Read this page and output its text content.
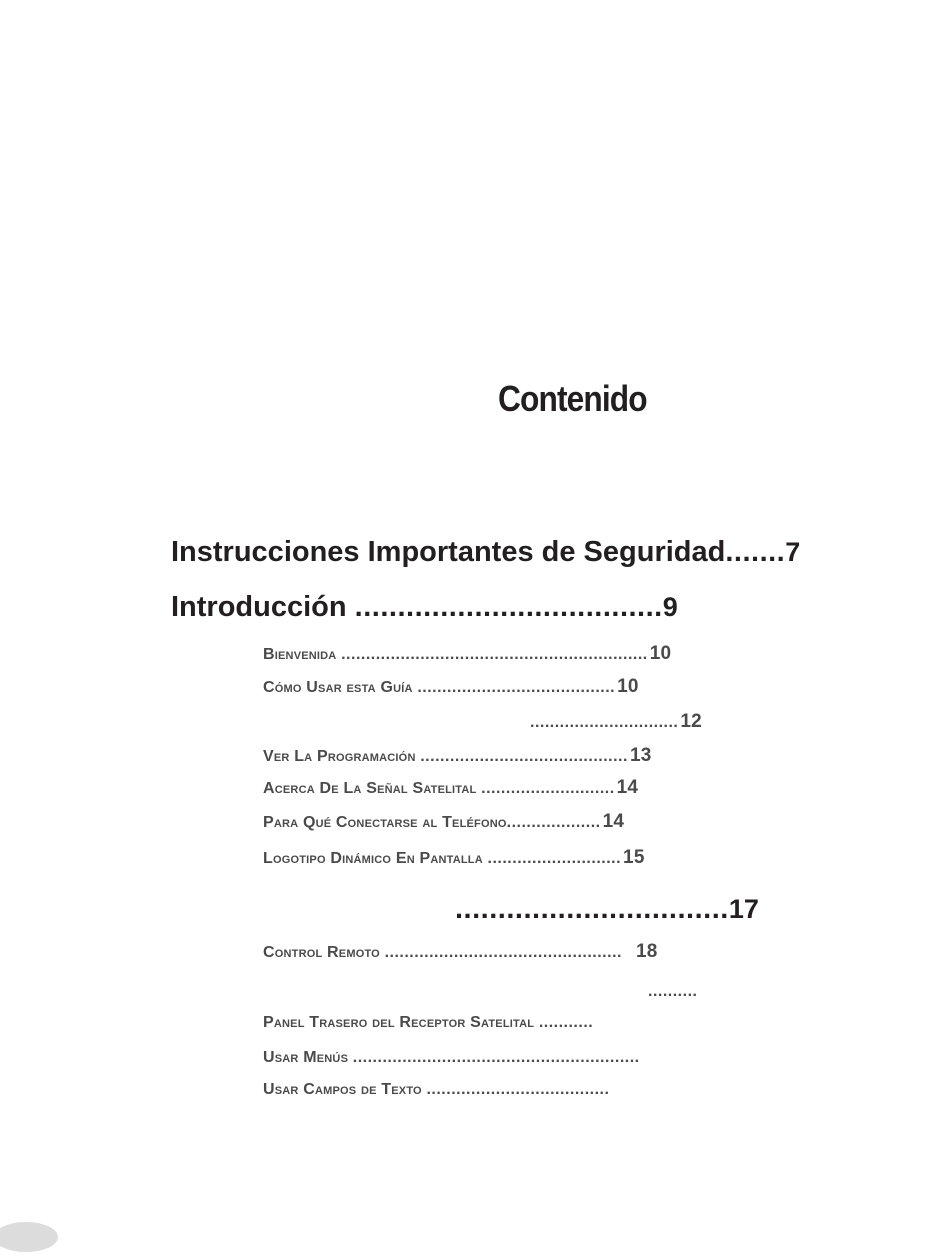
Contenido
Instrucciones Importantes de Seguridad.......7
Introducción ....................................9
Bienvenida .............................................................. 10
Cómo Usar esta Guía ........................................ 10
.............................. 12
Ver La Programación .......................................... 13
Acerca De La Señal Satelital ........................... 14
Para Qué Conectarse al Teléfono................... 14
Logotipo Dinámico En Pantalla ........................... 15
................................17
Control Remoto ................................................ 18
..........
Panel Trasero del Receptor Satelital ...........
Usar Menús ..........................................................
Usar Campos de Texto .....................................
